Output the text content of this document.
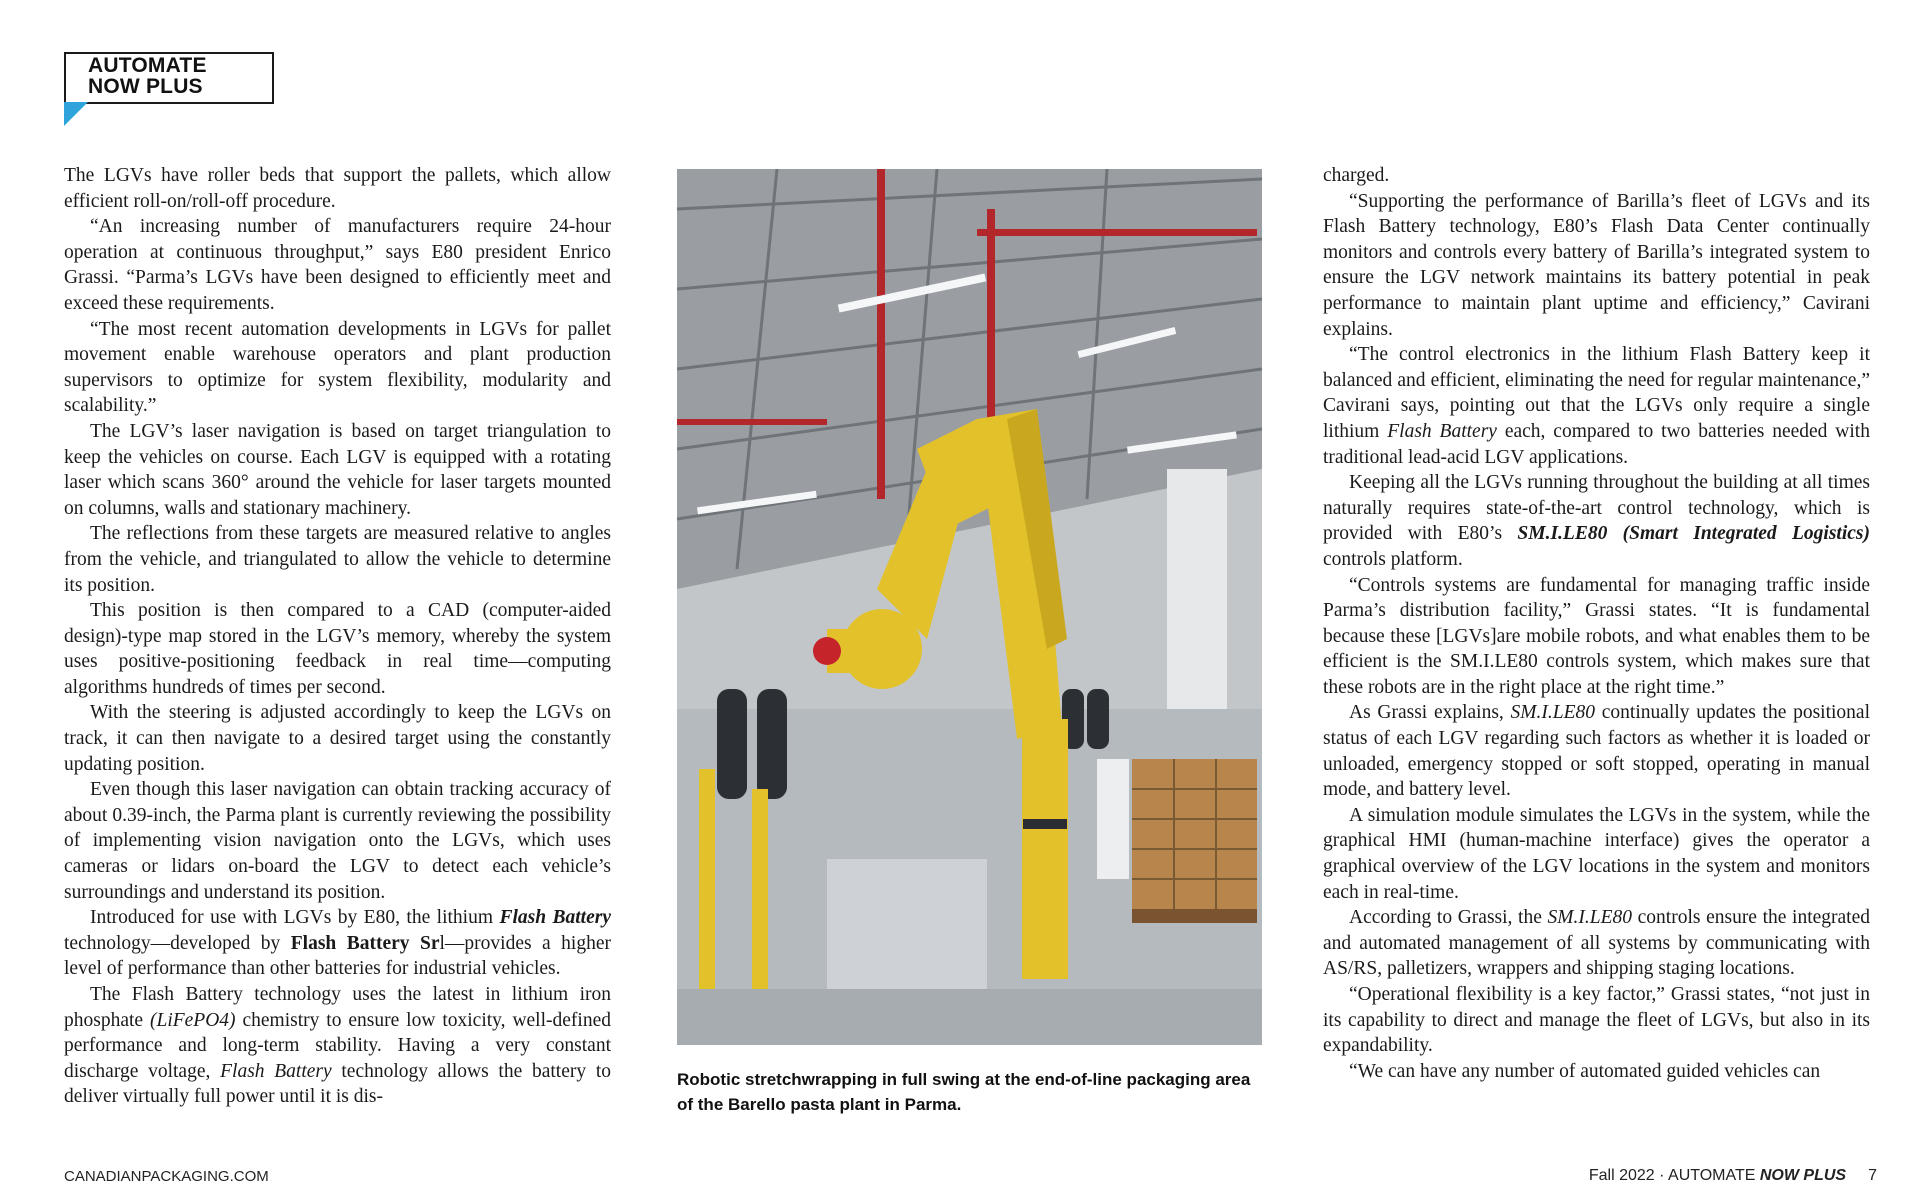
AUTOMATE
NOW PLUS

The LGVs have roller beds that support the pallets, which allow efficient roll-on/roll-off procedure.

“An increasing number of manufacturers require 24-hour operation at continuous throughput,” says E80 president Enrico Grassi. “Parma’s LGVs have been designed to efficiently meet and exceed these requirements.

“The most recent automation developments in LGVs for pallet movement enable warehouse operators and plant production supervisors to optimize for system flexibility, modularity and scalability.”

The LGV’s laser navigation is based on target triangulation to keep the vehicles on course. Each LGV is equipped with a rotating laser which scans 360° around the vehicle for laser targets mounted on columns, walls and stationary machinery.

The reflections from these targets are measured relative to angles from the vehicle, and triangulated to allow the vehicle to determine its position.

This position is then compared to a CAD (computer-aided design)-type map stored in the LGV’s memory, whereby the system uses positive-positioning feedback in real time—computing algorithms hundreds of times per second.

With the steering is adjusted accordingly to keep the LGVs on track, it can then navigate to a desired target using the constantly updating position.

Even though this laser navigation can obtain tracking accuracy of about 0.39-inch, the Parma plant is currently reviewing the possibility of implementing vision navigation onto the LGVs, which uses cameras or lidars on-board the LGV to detect each vehicle’s surroundings and understand its position.

Introduced for use with LGVs by E80, the lithium Flash Battery technology—developed by Flash Battery Srl—provides a higher level of performance than other batteries for industrial vehicles.

The Flash Battery technology uses the latest in lithium iron phosphate (LiFePO4) chemistry to ensure low toxicity, well-defined performance and long-term stability. Having a very constant discharge voltage, Flash Battery technology allows the battery to deliver virtually full power until it is dis-

Robotic stretchwrapping in full swing at the end-of-line packaging area of the Barello pasta plant in Parma.

charged.

“Supporting the performance of Barilla’s fleet of LGVs and its Flash Battery technology, E80’s Flash Data Center continually monitors and controls every battery of Barilla’s integrated system to ensure the LGV network maintains its battery potential in peak performance to maintain plant uptime and efficiency,” Cavirani explains.

“The control electronics in the lithium Flash Battery keep it balanced and efficient, eliminating the need for regular maintenance,” Cavirani says, pointing out that the LGVs only require a single lithium Flash Battery each, compared to two batteries needed with traditional lead-acid LGV applications.

Keeping all the LGVs running throughout the building at all times naturally requires state-of-the-art control technology, which is provided with E80’s SM.I.LE80 (Smart Integrated Logistics) controls platform.

“Controls systems are fundamental for managing traffic inside Parma’s distribution facility,” Grassi states. “It is fundamental because these [LGVs]are mobile robots, and what enables them to be efficient is the SM.I.LE80 controls system, which makes sure that these robots are in the right place at the right time.”

As Grassi explains, SM.I.LE80 continually updates the positional status of each LGV regarding such factors as whether it is loaded or unloaded, emergency stopped or soft stopped, operating in manual mode, and battery level.

A simulation module simulates the LGVs in the system, while the graphical HMI (human-machine interface) gives the operator a graphical overview of the LGV locations in the system and monitors each in real-time.

According to Grassi, the SM.I.LE80 controls ensure the integrated and automated management of all systems by communicating with AS/RS, palletizers, wrappers and shipping staging locations.

“Operational flexibility is a key factor,” Grassi states, “not just in its capability to direct and manage the fleet of LGVs, but also in its expandability.

“We can have any number of automated guided vehicles can

CANADIANPACKAGING.COM	Fall 2022 · AUTOMATE NOW PLUS 7
